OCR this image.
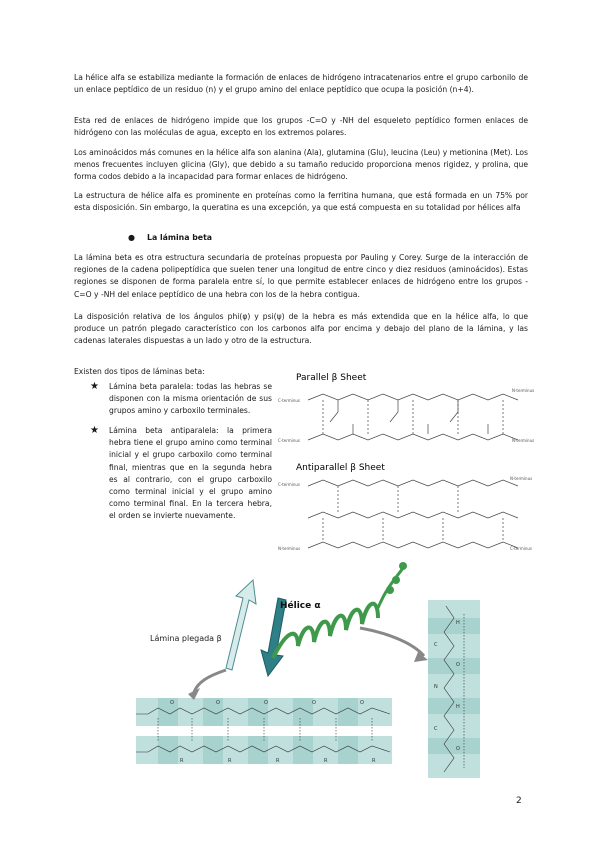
La hélice alfa se estabiliza mediante la formación de enlaces de hidrógeno intracatenarios entre el grupo carbonilo de un enlace peptídico de un residuo (n) y el grupo amino del enlace peptídico que ocupa la posición (n+4).

Esta red de enlaces de hidrógeno impide que los grupos -C=O y -NH del esqueleto peptídico formen enlaces de hidrógeno con las moléculas de agua, excepto en los extremos polares.

Los aminoácidos más comunes en la hélice alfa son alanina (Ala), glutamina (Glu), leucina (Leu) y metionina (Met). Los menos frecuentes incluyen glicina (Gly), que debido a su tamaño reducido proporciona menos rigidez, y prolina, que forma codos debido a la incapacidad para formar enlaces de hidrógeno.

La estructura de hélice alfa es prominente en proteínas como la ferritina humana, que está formada en un 75% por esta disposición. Sin embargo, la queratina es una excepción, ya que está compuesta en su totalidad por hélices alfa

● La lámina beta

La lámina beta es otra estructura secundaria de proteínas propuesta por Pauling y Corey. Surge de la interacción de regiones de la cadena polipeptídica que suelen tener una longitud de entre cinco y diez residuos (aminoácidos). Estas regiones se disponen de forma paralela entre sí, lo que permite establecer enlaces de hidrógeno entre los grupos -C=O y -NH del enlace peptídico de una hebra con los de la hebra contigua.

La disposición relativa de los ángulos phi(φ) y psi(ψ) de la hebra es más extendida que en la hélice alfa, lo que produce un patrón plegado característico con los carbonos alfa por encima y debajo del plano de la lámina, y las cadenas laterales dispuestas a un lado y otro de la estructura.

Existen dos tipos de láminas beta:

★ Lámina beta paralela: todas las hebras se disponen con la misma orientación de sus grupos amino y carboxilo terminales.
★ Lámina beta antiparalela: la primera hebra tiene el grupo amino como terminal inicial y el grupo carboxilo como terminal final, mientras que en la segunda hebra es al contrario, con el grupo carboxilo como terminal inicial y el grupo amino como terminal final. En la tercera hebra, el orden se invierte nuevamente.
Parallel β Sheet
C-terminus
C-terminus
N-terminus
N-terminus
Antiparallel β Sheet
C-terminus
N-terminus
N-terminus
C-terminus
O	O	O	O	O
R	R	R	R	R
H
O
H
O
C
N
C
Hélice α
Lámina plegada β
2
